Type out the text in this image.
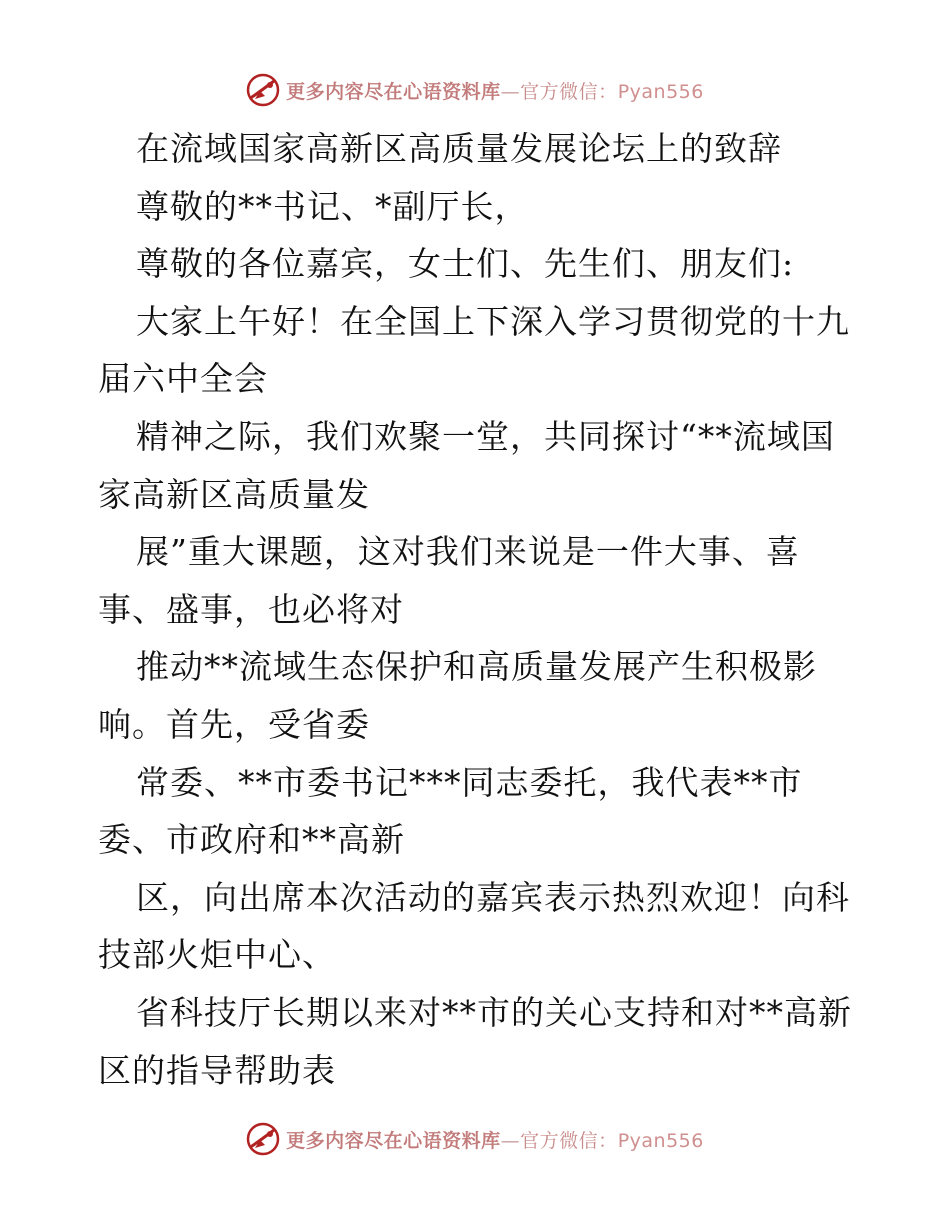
更多内容尽在心语资料库—官方微信：Pyan556
在流域国家高新区高质量发展论坛上的致辞
尊敬的**书记、*副厅长，
尊敬的各位嘉宾，女士们、先生们、朋友们:
大家上午好！在全国上下深入学习贯彻党的十九
届六中全会
精神之际，我们欢聚一堂，共同探讨“**流域国
家高新区高质量发
展”重大课题，这对我们来说是一件大事、喜
事、盛事，也必将对
推动**流域生态保护和高质量发展产生积极影
响。首先，受省委
常委、**市委书记***同志委托，我代表**市
委、市政府和**高新
区，向出席本次活动的嘉宾表示热烈欢迎！向科
技部火炬中心、
省科技厅长期以来对**市的关心支持和对**高新
区的指导帮助表
更多内容尽在心语资料库—官方微信：Pyan556
